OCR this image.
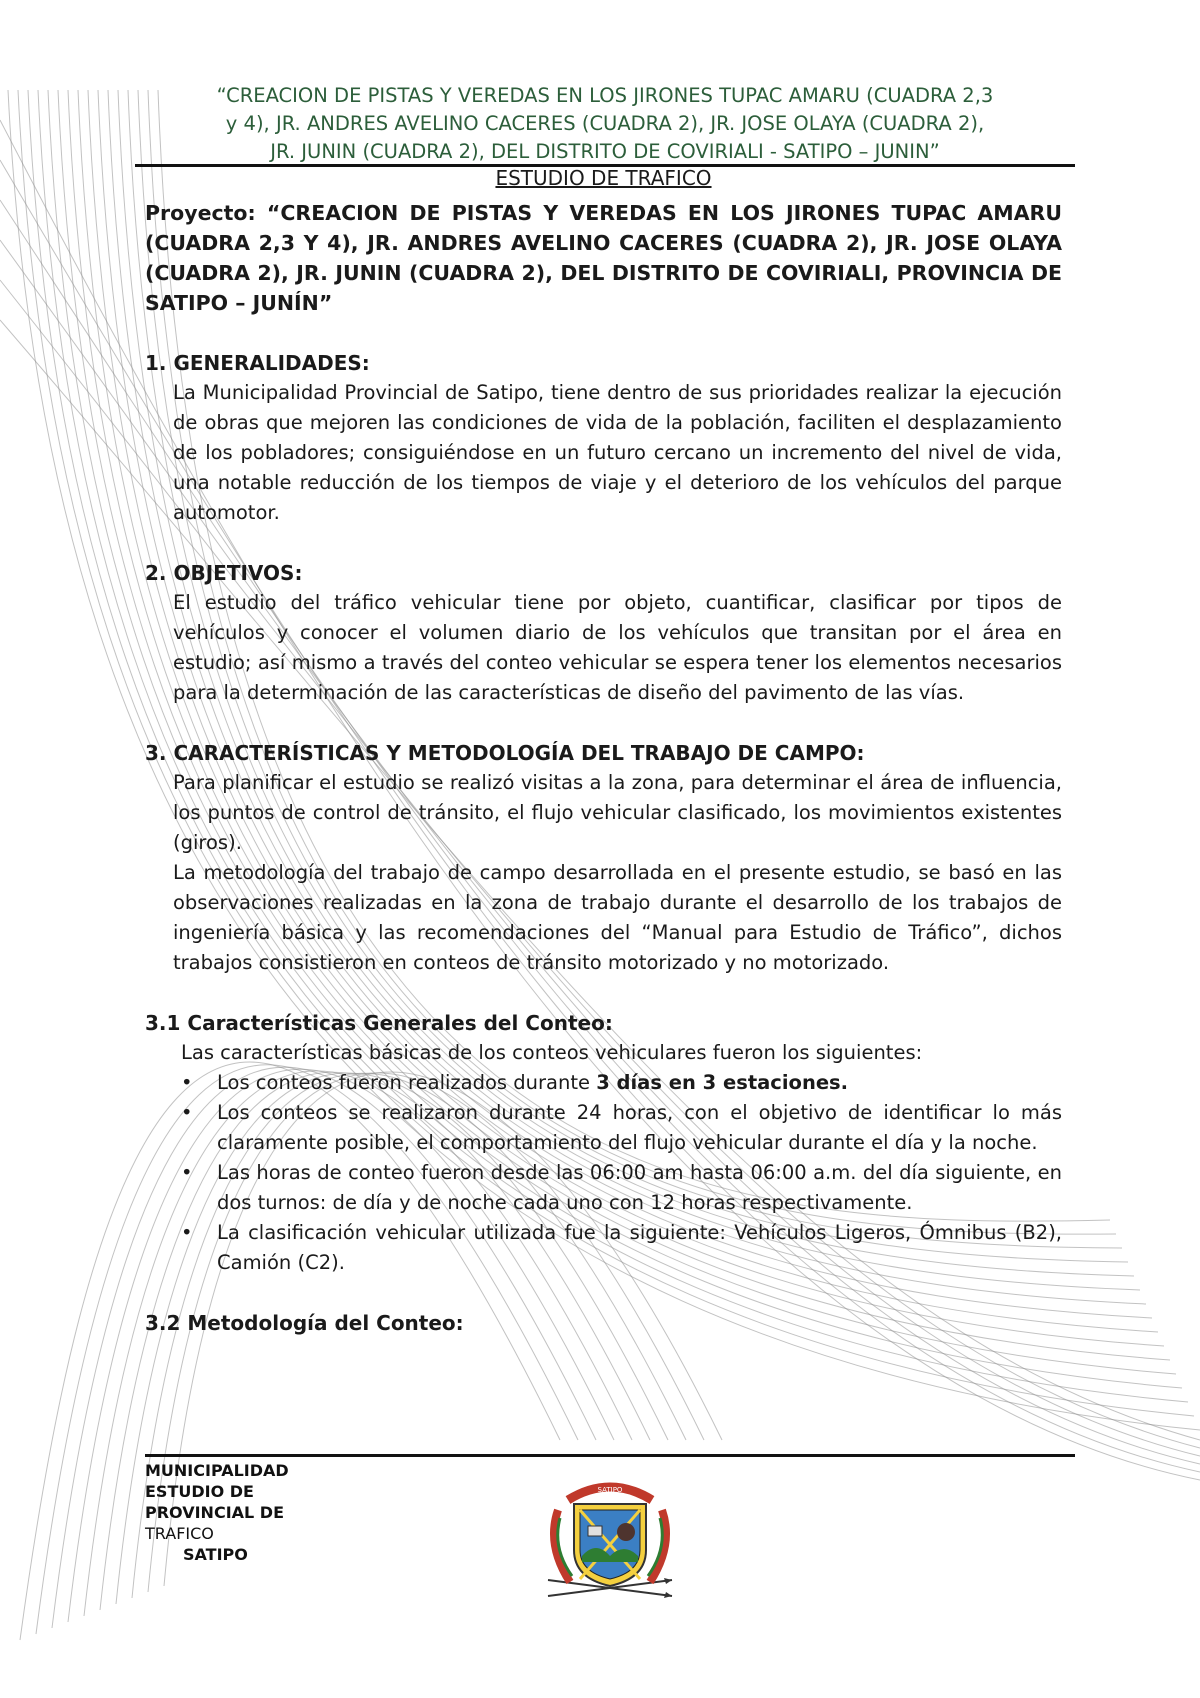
“CREACION DE PISTAS Y VEREDAS EN LOS JIRONES TUPAC AMARU (CUADRA 2,3
y 4), JR. ANDRES AVELINO CACERES (CUADRA 2), JR. JOSE OLAYA (CUADRA 2),
JR. JUNIN (CUADRA 2), DEL DISTRITO DE COVIRIALI - SATIPO – JUNIN”
ESTUDIO DE TRAFICO

Proyecto: “CREACION DE PISTAS Y VEREDAS EN LOS JIRONES TUPAC AMARU (CUADRA 2,3 Y 4), JR. ANDRES AVELINO CACERES (CUADRA 2), JR. JOSE OLAYA (CUADRA 2), JR. JUNIN (CUADRA 2), DEL DISTRITO DE COVIRIALI, PROVINCIA DE SATIPO – JUNÍN”

1. GENERALIDADES:
La Municipalidad Provincial de Satipo, tiene dentro de sus prioridades realizar la ejecución de obras que mejoren las condiciones de vida de la población, faciliten el desplazamiento de los pobladores; consiguiéndose en un futuro cercano un incremento del nivel de vida, una notable reducción de los tiempos de viaje y el deterioro de los vehículos del parque automotor.
2. OBJETIVOS:
El estudio del tráfico vehicular tiene por objeto, cuantificar, clasificar por tipos de vehículos y conocer el volumen diario de los vehículos que transitan por el área en estudio; así mismo a través del conteo vehicular se espera tener los elementos necesarios para la determinación de las características de diseño del pavimento de las vías.
3. CARACTERÍSTICAS Y METODOLOGÍA DEL TRABAJO DE CAMPO:
Para planificar el estudio se realizó visitas a la zona, para determinar el área de influencia, los puntos de control de tránsito, el flujo vehicular clasificado, los movimientos existentes (giros).
La metodología del trabajo de campo desarrollada en el presente estudio, se basó en las observaciones realizadas en la zona de trabajo durante el desarrollo de los trabajos de ingeniería básica y las recomendaciones del “Manual para Estudio de Tráfico”, dichos trabajos consistieron en conteos de tránsito motorizado y no motorizado.
3.1 Características Generales del Conteo:
Las características básicas de los conteos vehiculares fueron los siguientes:
• Los conteos fueron realizados durante 3 días en 3 estaciones.
• Los conteos se realizaron durante 24 horas, con el objetivo de identificar lo más claramente posible, el comportamiento del flujo vehicular durante el día y la noche.
• Las horas de conteo fueron desde las 06:00 am hasta 06:00 a.m. del día siguiente, en dos turnos: de día y de noche cada uno con 12 horas respectivamente.
• La clasificación vehicular utilizada fue la siguiente: Vehículos Ligeros, Ómnibus (B2), Camión (C2).
3.2 Metodología del Conteo:
MUNICIPALIDAD
ESTUDIO DE
PROVINCIAL DE
TRAFICO
SATIPO
SATIPO
